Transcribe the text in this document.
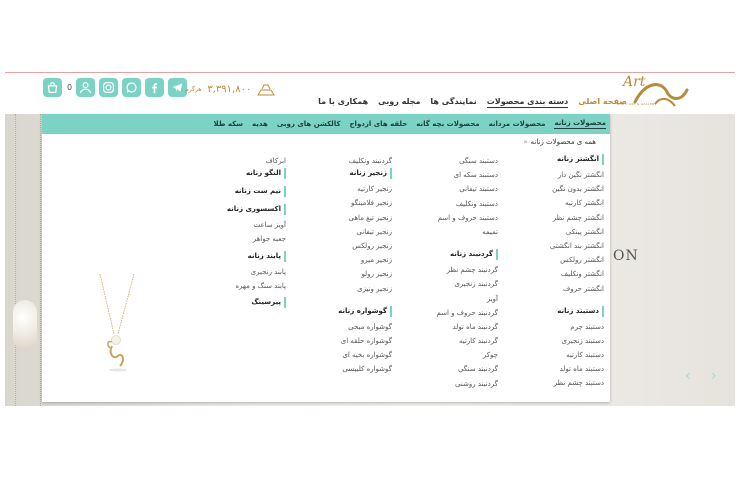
0	۳,۳۹۱,۸۰۰
هرگرم	Art
ROUYI ART & GALLERY
صفحه اصلی
دسته بندی محصولات
نمایندگی ها
مجله روبی
همکاری با ما
ON
‹ ›
محصولات زنانه
محصولات مردانه
محصولات بچه گانه
حلقه های ازدواج
کالکشن های روبی
هدیه
سکه طلا
همه ی محصولات زنانه«
انگشتر زنانه
انگشتر نگین دار
انگشتر بدون نگین
انگشتر کارتیه
انگشتر چشم نظر
انگشتر پینکی
انگشتر بند انگشتی
انگشتر رولکس
انگشتر ونکلیف
انگشتر حروف
دستبند زنانه
دستبند چرم
دستبند زنجیری
دستبند کارتیه
دستبند ماه تولد
دستبند چشم نظر
دستبند سنگی
دستبند سکه ای
دستبند تیفانی
دستبند ونکلیف
دستبند حروف و اسم
تمیمه
گردنبند زنانه
گردنبند چشم نظر
گردنبند زنجیری
آویز
گردنبند حروف و اسم
گردنبند ماه تولد
گردنبند کارتیه
چوکر
گردنبند سنگی
گردنبند روشنی
گردنبند ونکلیف
زنجیر زنانه
زنجیر کارتیه
زنجیر فلامینگو
زنجیر تیغ ماهی
زنجیر تیفانی
زنجیر رولکس
زنجیر میرو
زنجیر رولو
زنجیر ونیزی
گوشواره زنانه
گوشواره میخی
گوشواره حلقه ای
گوشواره بخیه ای
گوشواره کلیپسی
ابرکاف
النگو زنانه
نیم ست زنانه
اکسسوری زنانه
آویز ساعت
جعبه جواهر
پابند زنانه
پابند زنجیری
پابند سنگ و مهره
پیرسینگ
